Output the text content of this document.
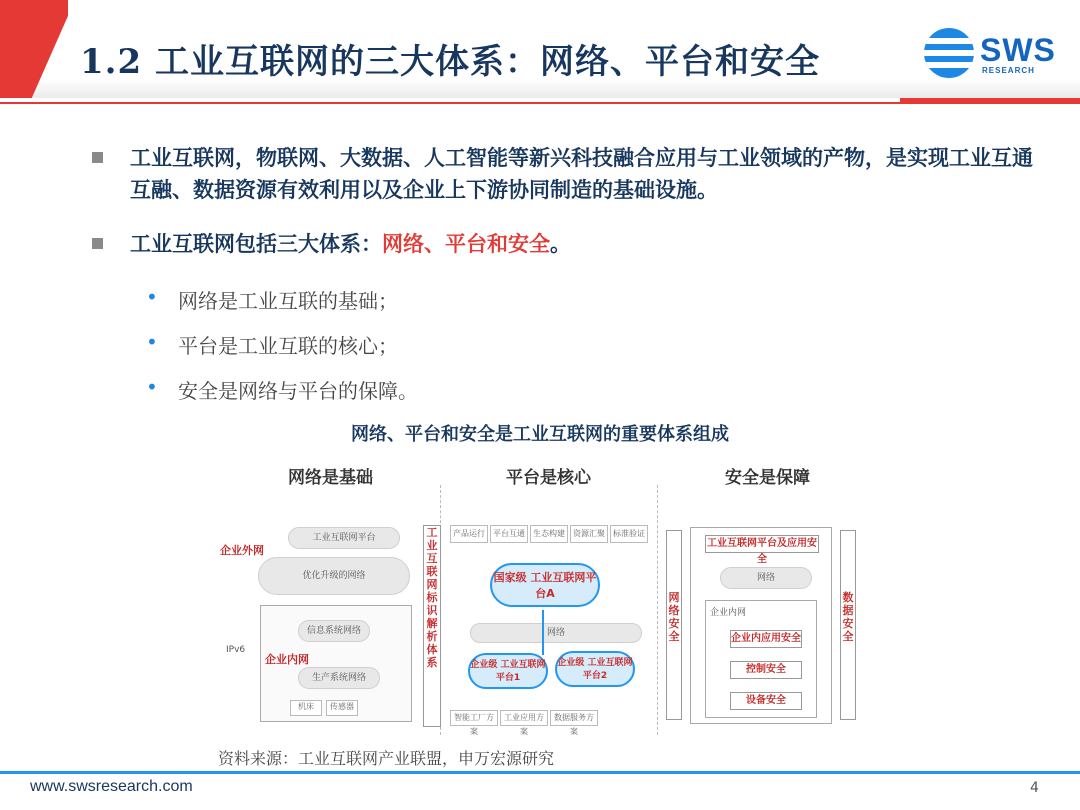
1.2 工业互联网的三大体系：网络、平台和安全	SWS
RESEARCH
工业互联网，物联网、大数据、人工智能等新兴科技融合应用与工业领域的产物，是实现工业互通互融、数据资源有效利用以及企业上下游协同制造的基础设施。
工业互联网包括三大体系：网络、平台和安全。
• 网络是工业互联的基础；
• 平台是工业互联的核心；
• 安全是网络与平台的保障。
网络、平台和安全是工业互联网的重要体系组成
网络是基础	平台是核心	安全是保障
企业外网
工业互联网平台
优化升级的网络
IPv6
企业内网
信息系统网络
生产系统网络
机床	传感器
工业互联网标识解析体系
产品运行	平台互通	生态构建	资源汇聚	标准验证
国家级 工业互联网平台A
网络
企业级 工业互联网平台1
企业级 工业互联网平台2
智能工厂方案
工业应用方案
数据服务方案
网络安全
数据安全
工业互联网平台及应用安全
网络
企业内网
企业内应用安全
控制安全
设备安全
资料来源：工业互联网产业联盟，申万宏源研究
www.swsresearch.com	4
